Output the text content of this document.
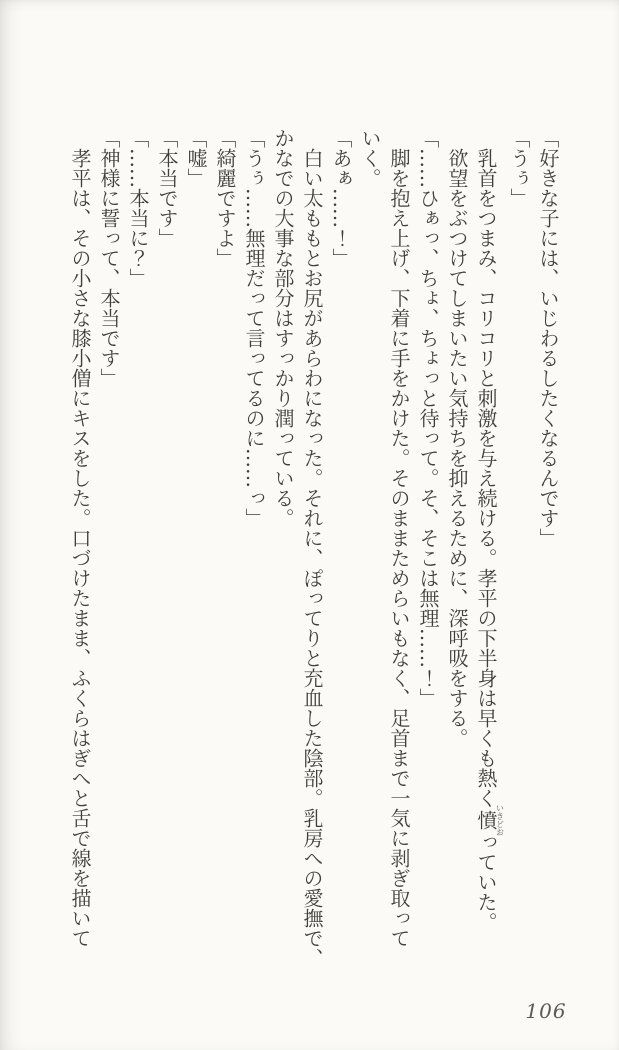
「好きな子には、いじわるしたくなるんです」
「うぅ」
乳首をつまみ、コリコリと刺激を与え続ける。孝平の下半身は早くも熱く憤いきどおっていた。
欲望をぶつけてしまいたい気持ちを抑えるために、深呼吸をする。
「……ひぁっ、ちょ、ちょっと待って。そ、そこは無理……！」
脚を抱え上げ、下着に手をかけた。そのままためらいもなく、足首まで一気に剥ぎ取って
いく。
「あぁ……！」
白い太ももとお尻があらわになった。それに、ぽってりと充血した陰部。乳房への愛撫で、
かなでの大事な部分はすっかり潤っている。
「うぅ……無理だって言ってるのに……っ」
「綺麗ですよ」
「嘘」
「本当です」
「……本当に？」
「神様に誓って、本当です」
孝平は、その小さな膝小僧にキスをした。口づけたまま、ふくらはぎへと舌で線を描いて
106
